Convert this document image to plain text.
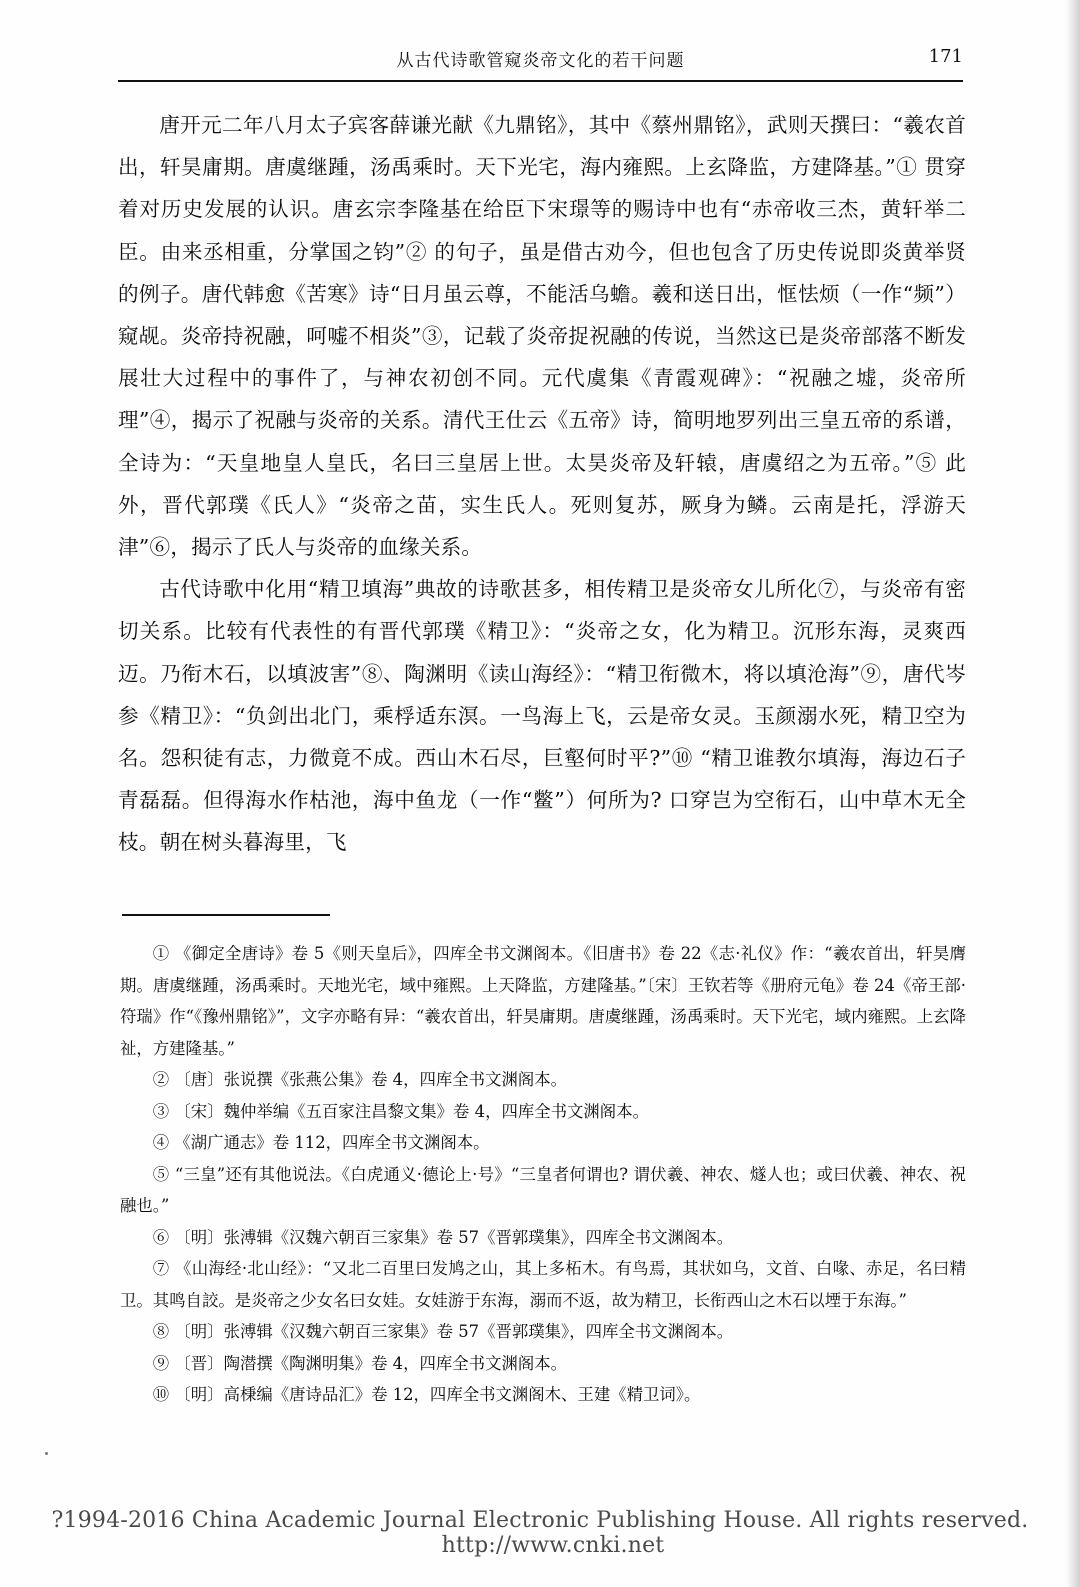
从古代诗歌管窥炎帝文化的若干问题	171

唐开元二年八月太子宾客薛谦光献《九鼎铭》，其中《蔡州鼎铭》，武则天撰曰：“羲农首出，轩昊庸期。唐虞继踵，汤禹乘时。天下光宅，海内雍熙。上玄降监，方建降基。”① 贯穿着对历史发展的认识。唐玄宗李隆基在给臣下宋璟等的赐诗中也有“赤帝收三杰，黄轩举二臣。由来丞相重，分掌国之钧”② 的句子，虽是借古劝今，但也包含了历史传说即炎黄举贤的例子。唐代韩愈《苦寒》诗“日月虽云尊，不能活乌蟾。羲和送日出，恇怯烦（一作“频”）窥觇。炎帝持祝融，呵嘘不相炎”③，记载了炎帝捉祝融的传说，当然这已是炎帝部落不断发展壮大过程中的事件了，与神农初创不同。元代虞集《青霞观碑》：“祝融之墟，炎帝所理”④，揭示了祝融与炎帝的关系。清代王仕云《五帝》诗，简明地罗列出三皇五帝的系谱，全诗为：“天皇地皇人皇氏，名曰三皇居上世。太昊炎帝及轩辕，唐虞绍之为五帝。”⑤ 此外，晋代郭璞《氏人》“炎帝之苗，实生氏人。死则复苏，厥身为鳞。云南是托，浮游天津”⑥，揭示了氏人与炎帝的血缘关系。

古代诗歌中化用“精卫填海”典故的诗歌甚多，相传精卫是炎帝女儿所化⑦，与炎帝有密切关系。比较有代表性的有晋代郭璞《精卫》：“炎帝之女，化为精卫。沉形东海，灵爽西迈。乃衔木石，以填波害”⑧、陶渊明《读山海经》：“精卫衔微木，将以填沧海”⑨，唐代岑参《精卫》：“负剑出北门，乘桴适东溟。一鸟海上飞，云是帝女灵。玉颜溺水死，精卫空为名。怨积徒有志，力微竟不成。西山木石尽，巨壑何时平?”⑩ “精卫谁教尔填海，海边石子青磊磊。但得海水作枯池，海中鱼龙（一作“鳖”）何所为? 口穿岂为空衔石，山中草木无全枝。朝在树头暮海里，飞

① 《御定全唐诗》卷 5《则天皇后》，四库全书文渊阁本。《旧唐书》卷 22《志·礼仪》作：“羲农首出，轩昊膺期。唐虞继踵，汤禹乘时。天地光宅，域中雍熙。上天降监，方建隆基。”〔宋〕王钦若等《册府元龟》卷 24《帝王部·符瑞》作“《豫州鼎铭》”，文字亦略有异：“羲农首出，轩昊庸期。唐虞继踵，汤禹乘时。天下光宅，域内雍熙。上玄降祉，方建隆基。”

② 〔唐〕张说撰《张燕公集》卷 4，四库全书文渊阁本。

③ 〔宋〕魏仲举编《五百家注昌黎文集》卷 4，四库全书文渊阁本。

④ 《湖广通志》卷 112，四库全书文渊阁本。

⑤ “三皇”还有其他说法。《白虎通义·德论上·号》“三皇者何谓也? 谓伏羲、神农、燧人也；或曰伏羲、神农、祝融也。”

⑥ 〔明〕张溥辑《汉魏六朝百三家集》卷 57《晋郭璞集》，四库全书文渊阁本。

⑦ 《山海经·北山经》：“又北二百里曰发鸠之山，其上多柘木。有鸟焉，其状如乌，文首、白喙、赤足，名曰精卫。其鸣自詨。是炎帝之少女名曰女娃。女娃游于东海，溺而不返，故为精卫，长衔西山之木石以堙于东海。”

⑧ 〔明〕张溥辑《汉魏六朝百三家集》卷 57《晋郭璞集》，四库全书文渊阁本。

⑨ 〔晋〕陶潜撰《陶渊明集》卷 4，四库全书文渊阁本。

⑩ 〔明〕高棅编《唐诗品汇》卷 12，四库全书文渊阁木、王建《精卫词》。

?1994-2016 China Academic Journal Electronic Publishing House. All rights reserved. http://www.cnki.net
